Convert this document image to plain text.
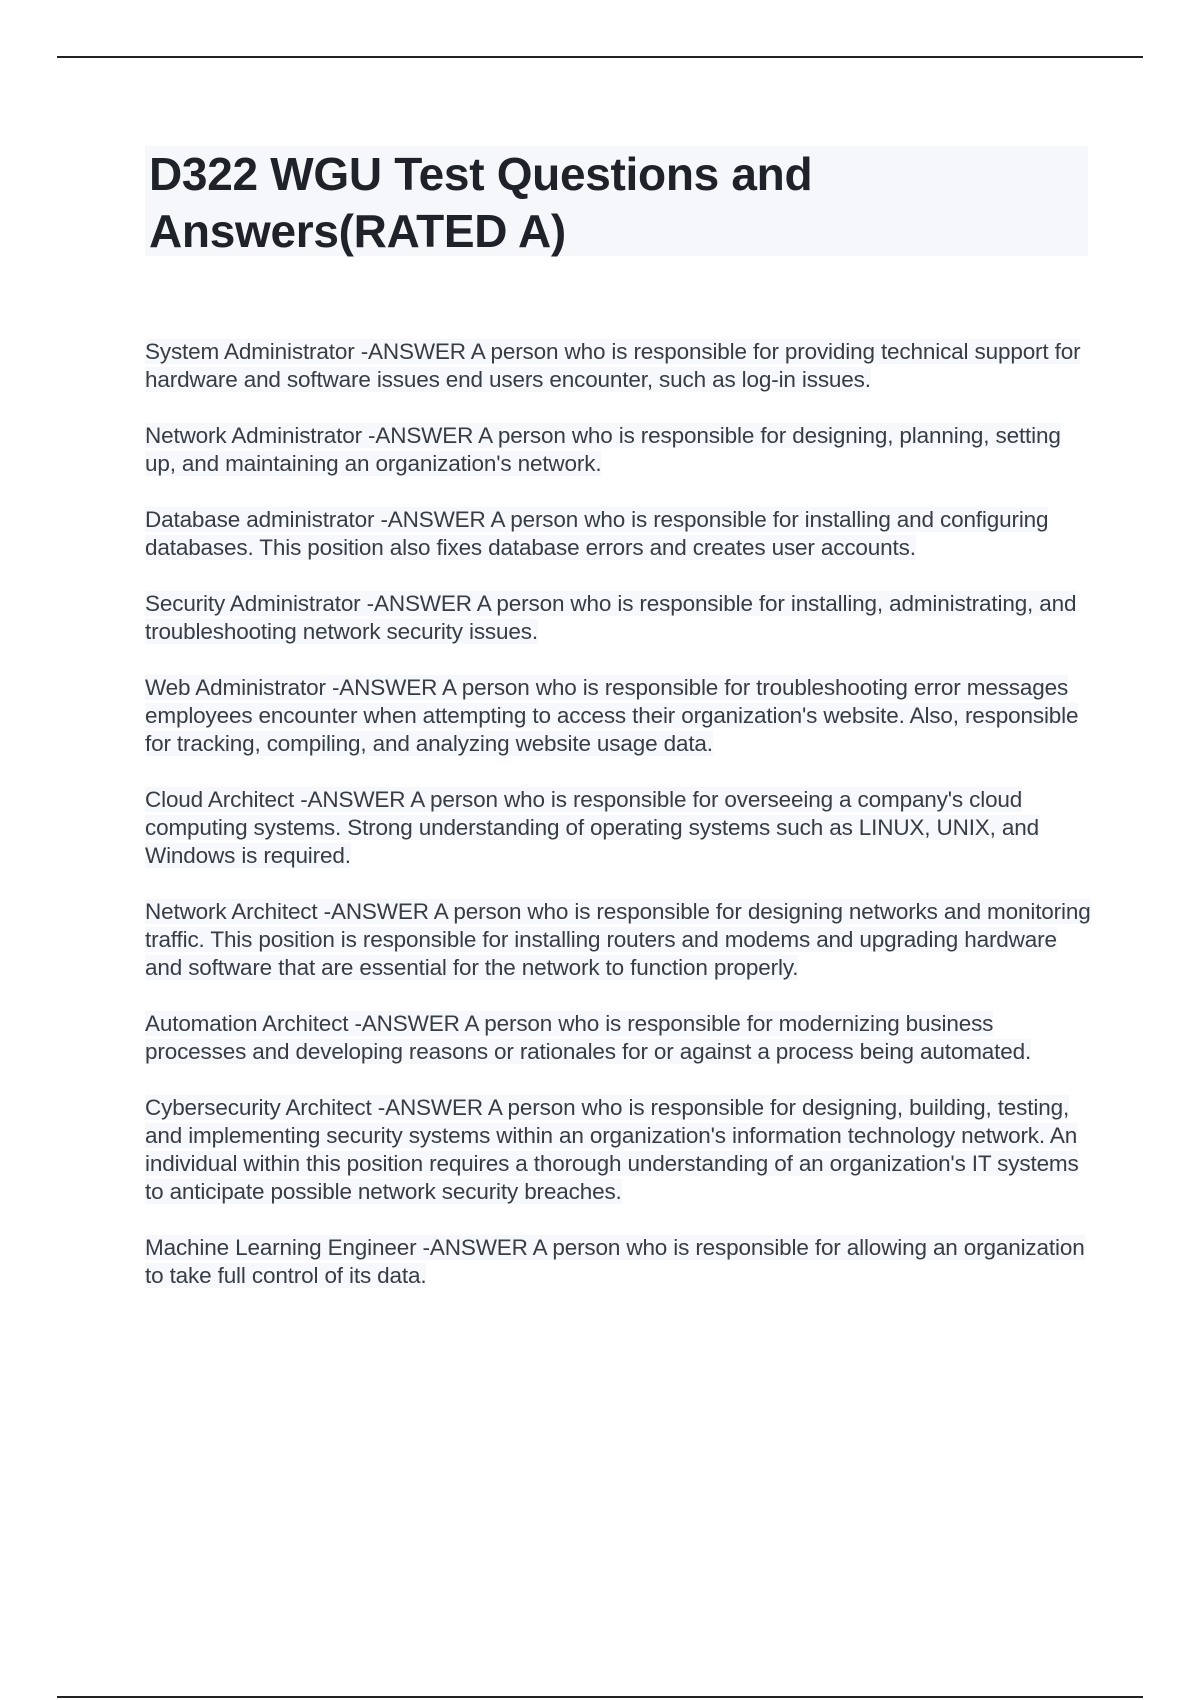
D322 WGU Test Questions and Answers(RATED A)

System Administrator -ANSWER A person who is responsible for providing technical support for hardware and software issues end users encounter, such as log-in issues.

Network Administrator -ANSWER A person who is responsible for designing, planning, setting up, and maintaining an organization's network.

Database administrator -ANSWER A person who is responsible for installing and configuring databases. This position also fixes database errors and creates user accounts.

Security Administrator -ANSWER A person who is responsible for installing, administrating, and troubleshooting network security issues.

Web Administrator -ANSWER A person who is responsible for troubleshooting error messages employees encounter when attempting to access their organization's website. Also, responsible for tracking, compiling, and analyzing website usage data.

Cloud Architect -ANSWER A person who is responsible for overseeing a company's cloud computing systems. Strong understanding of operating systems such as LINUX, UNIX, and Windows is required.

Network Architect -ANSWER A person who is responsible for designing networks and monitoring traffic. This position is responsible for installing routers and modems and upgrading hardware and software that are essential for the network to function properly.

Automation Architect -ANSWER A person who is responsible for modernizing business processes and developing reasons or rationales for or against a process being automated.

Cybersecurity Architect -ANSWER A person who is responsible for designing, building, testing, and implementing security systems within an organization's information technology network. An individual within this position requires a thorough understanding of an organization's IT systems to anticipate possible network security breaches.

Machine Learning Engineer -ANSWER A person who is responsible for allowing an organization to take full control of its data.
